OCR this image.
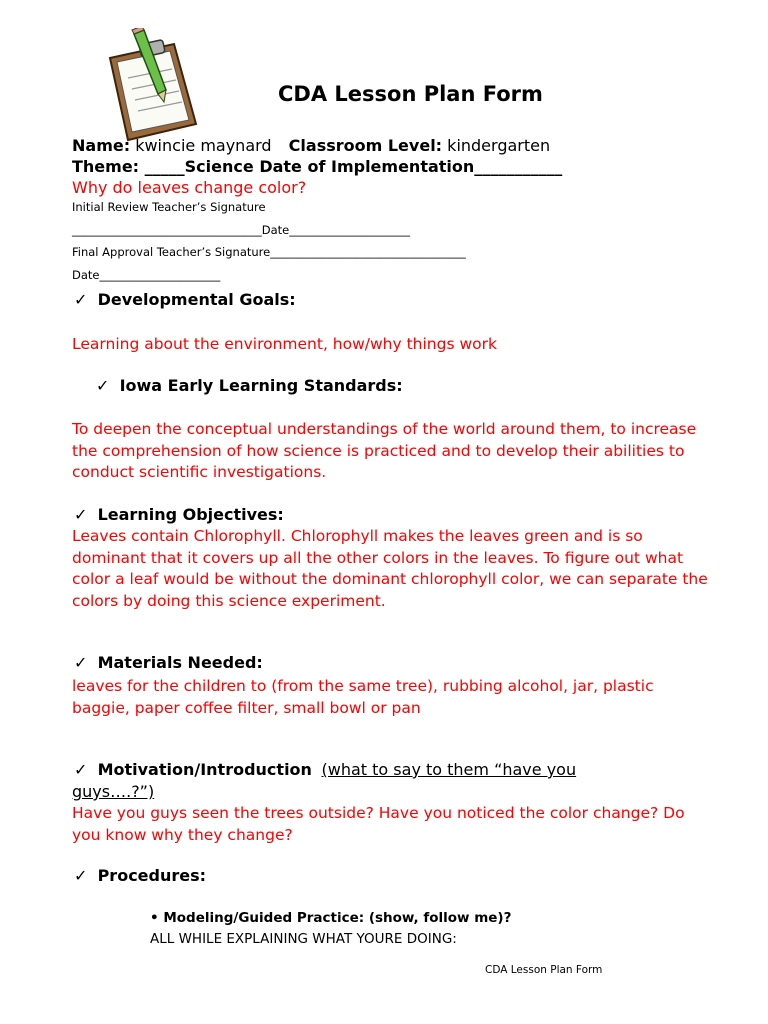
CDA Lesson Plan Form
Name: kwincie maynard Classroom Level: kindergarten
Theme: _____Science Date of Implementation___________
Why do leaves change color?
Initial Review Teacher’s Signature
_________________________________Date_____________________
Final Approval Teacher’s Signature__________________________________
Date_____________________
✓ Developmental Goals:
Learning about the environment, how/why things work
✓ Iowa Early Learning Standards:
To deepen the conceptual understandings of the world around them, to increase the comprehension of how science is practiced and to develop their abilities to conduct scientific investigations.
✓ Learning Objectives:
Leaves contain Chlorophyll. Chlorophyll makes the leaves green and is so dominant that it covers up all the other colors in the leaves. To figure out what color a leaf would be without the dominant chlorophyll color, we can separate the colors by doing this science experiment.
✓ Materials Needed:
leaves for the children to (from the same tree), rubbing alcohol, jar, plastic baggie, paper coffee filter, small bowl or pan
✓ Motivation/Introduction (what to say to them “have you
guys….?”)
Have you guys seen the trees outside? Have you noticed the color change? Do you know why they change?
✓ Procedures:
• Modeling/Guided Practice: (show, follow me)?
ALL WHILE EXPLAINING WHAT YOURE DOING:
CDA Lesson Plan Form
